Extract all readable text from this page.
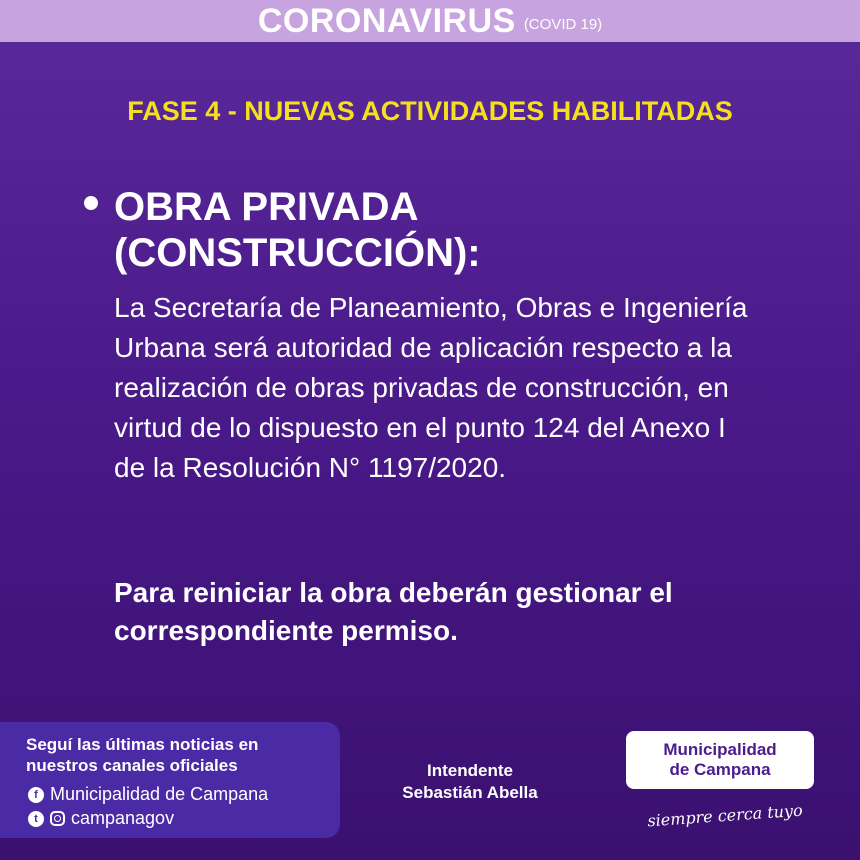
CORONAVIRUS (COVID 19)
FASE 4 - NUEVAS ACTIVIDADES HABILITADAS
OBRA PRIVADA
(CONSTRUCCIÓN):
La Secretaría de Planeamiento, Obras e Ingeniería Urbana será autoridad de aplicación respecto a la realización de obras privadas de construcción, en virtud de lo dispuesto en el punto 124 del Anexo I de la Resolución N° 1197/2020.
Para reiniciar la obra deberán gestionar el correspondiente permiso.
Seguí las últimas noticias en nuestros canales oficiales
f Municipalidad de Campana
t	campanagov
Intendente
Sebastián Abella
Municipalidad
de Campana
siempre cerca tuyo
